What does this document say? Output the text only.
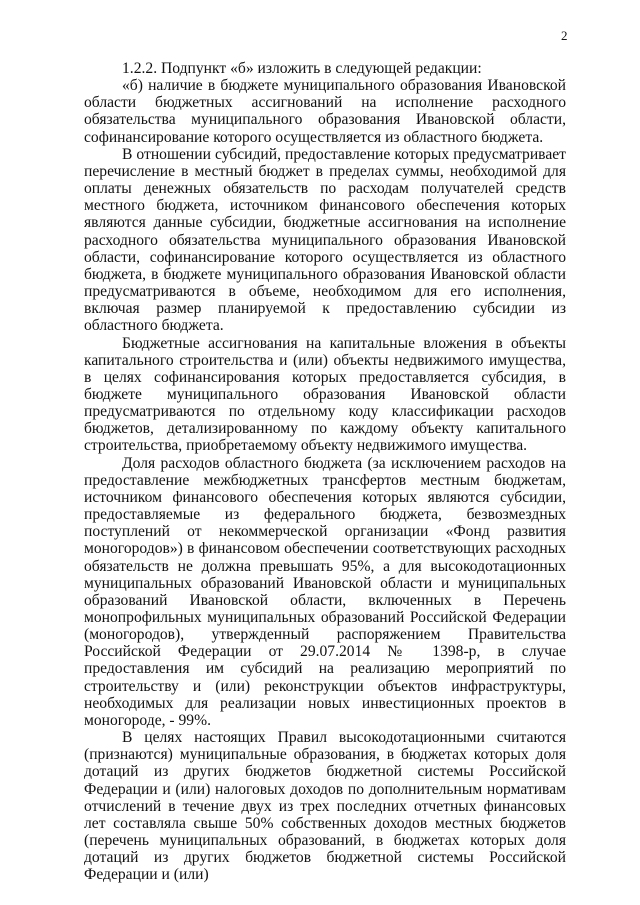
2

1.2.2. Подпункт «б» изложить в следующей редакции:

«б) наличие в бюджете муниципального образования Ивановской области бюджетных ассигнований на исполнение расходного обязательства муниципального образования Ивановской области, софинансирование которого осуществляется из областного бюджета.

В отношении субсидий, предоставление которых предусматривает перечисление в местный бюджет в пределах суммы, необходимой для оплаты денежных обязательств по расходам получателей средств местного бюджета, источником финансового обеспечения которых являются данные субсидии, бюджетные ассигнования на исполнение расходного обязательства муниципального образования Ивановской области, софинансирование которого осуществляется из областного бюджета, в бюджете муниципального образования Ивановской области предусматриваются в объеме, необходимом для его исполнения, включая размер планируемой к предоставлению субсидии из областного бюджета.

Бюджетные ассигнования на капитальные вложения в объекты капитального строительства и (или) объекты недвижимого имущества, в целях софинансирования которых предоставляется субсидия, в бюджете муниципального образования Ивановской области предусматриваются по отдельному коду классификации расходов бюджетов, детализированному по каждому объекту капитального строительства, приобретаемому объекту недвижимого имущества.

Доля расходов областного бюджета (за исключением расходов на предоставление межбюджетных трансфертов местным бюджетам, источником финансового обеспечения которых являются субсидии, предоставляемые из федерального бюджета, безвозмездных поступлений от некоммерческой организации «Фонд развития моногородов») в финансовом обеспечении соответствующих расходных обязательств не должна превышать 95%, а для высокодотационных муниципальных образований Ивановской области и муниципальных образований Ивановской области, включенных в Перечень монопрофильных муниципальных образований Российской Федерации (моногородов), утвержденный распоряжением Правительства Российской Федерации от 29.07.2014 № 1398-р, в случае предоставления им субсидий на реализацию мероприятий по строительству и (или) реконструкции объектов инфраструктуры, необходимых для реализации новых инвестиционных проектов в моногороде, - 99%.

В целях настоящих Правил высокодотационными считаются (признаются) муниципальные образования, в бюджетах которых доля дотаций из других бюджетов бюджетной системы Российской Федерации и (или) налоговых доходов по дополнительным нормативам отчислений в течение двух из трех последних отчетных финансовых лет составляла свыше 50% собственных доходов местных бюджетов (перечень муниципальных образований, в бюджетах которых доля дотаций из других бюджетов бюджетной системы Российской Федерации и (или)
